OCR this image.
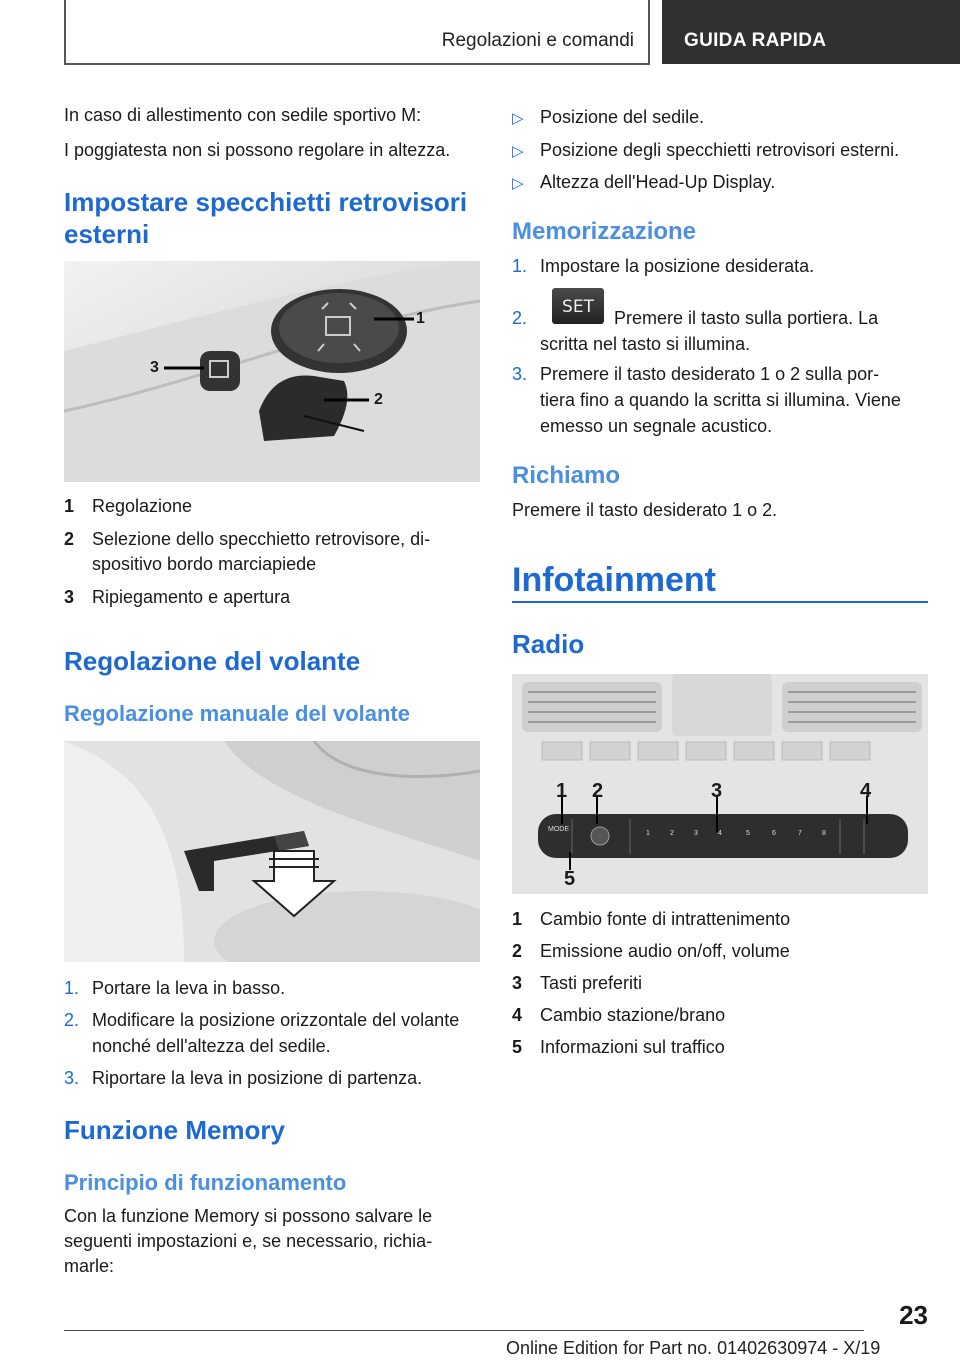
Regolazioni e comandi	GUIDA RAPIDA
In caso di allestimento con sedile sportivo M:
I poggiatesta non si possono regolare in altezza.
Impostare specchietti retrovisori
esterni
1
2
3
1 Regolazione
2 Selezione dello specchietto retrovisore, di-
spositivo bordo marciapiede
3 Ripiegamento e apertura
Regolazione del volante
Regolazione manuale del volante
1. Portare la leva in basso.
2. Modificare la posizione orizzontale del volante
nonché dell'altezza del sedile.
3. Riportare la leva in posizione di partenza.
Funzione Memory
Principio di funzionamento
Con la funzione Memory si possono salvare le
seguenti impostazioni e, se necessario, richia-
marle:
▷ Posizione del sedile.
▷ Posizione degli specchietti retrovisori esterni.
▷ Altezza dell'Head-Up Display.
Memorizzazione
1. Impostare la posizione desiderata.
2.
SET
Premere il tasto sulla portiera. La
scritta nel tasto si illumina.
3. Premere il tasto desiderato 1 o 2 sulla por-
tiera fino a quando la scritta si illumina. Viene
emesso un segnale acustico.
Richiamo
Premere il tasto desiderato 1 o 2.
Infotainment
Radio
1 2	3	4
5
MODE
1	2	3	4	5	6	7	8
1 Cambio fonte di intrattenimento
2 Emissione audio on/off, volume
3 Tasti preferiti
4 Cambio stazione/brano
5 Informazioni sul traffico
23
Online Edition for Part no. 01402630974 - X/19
